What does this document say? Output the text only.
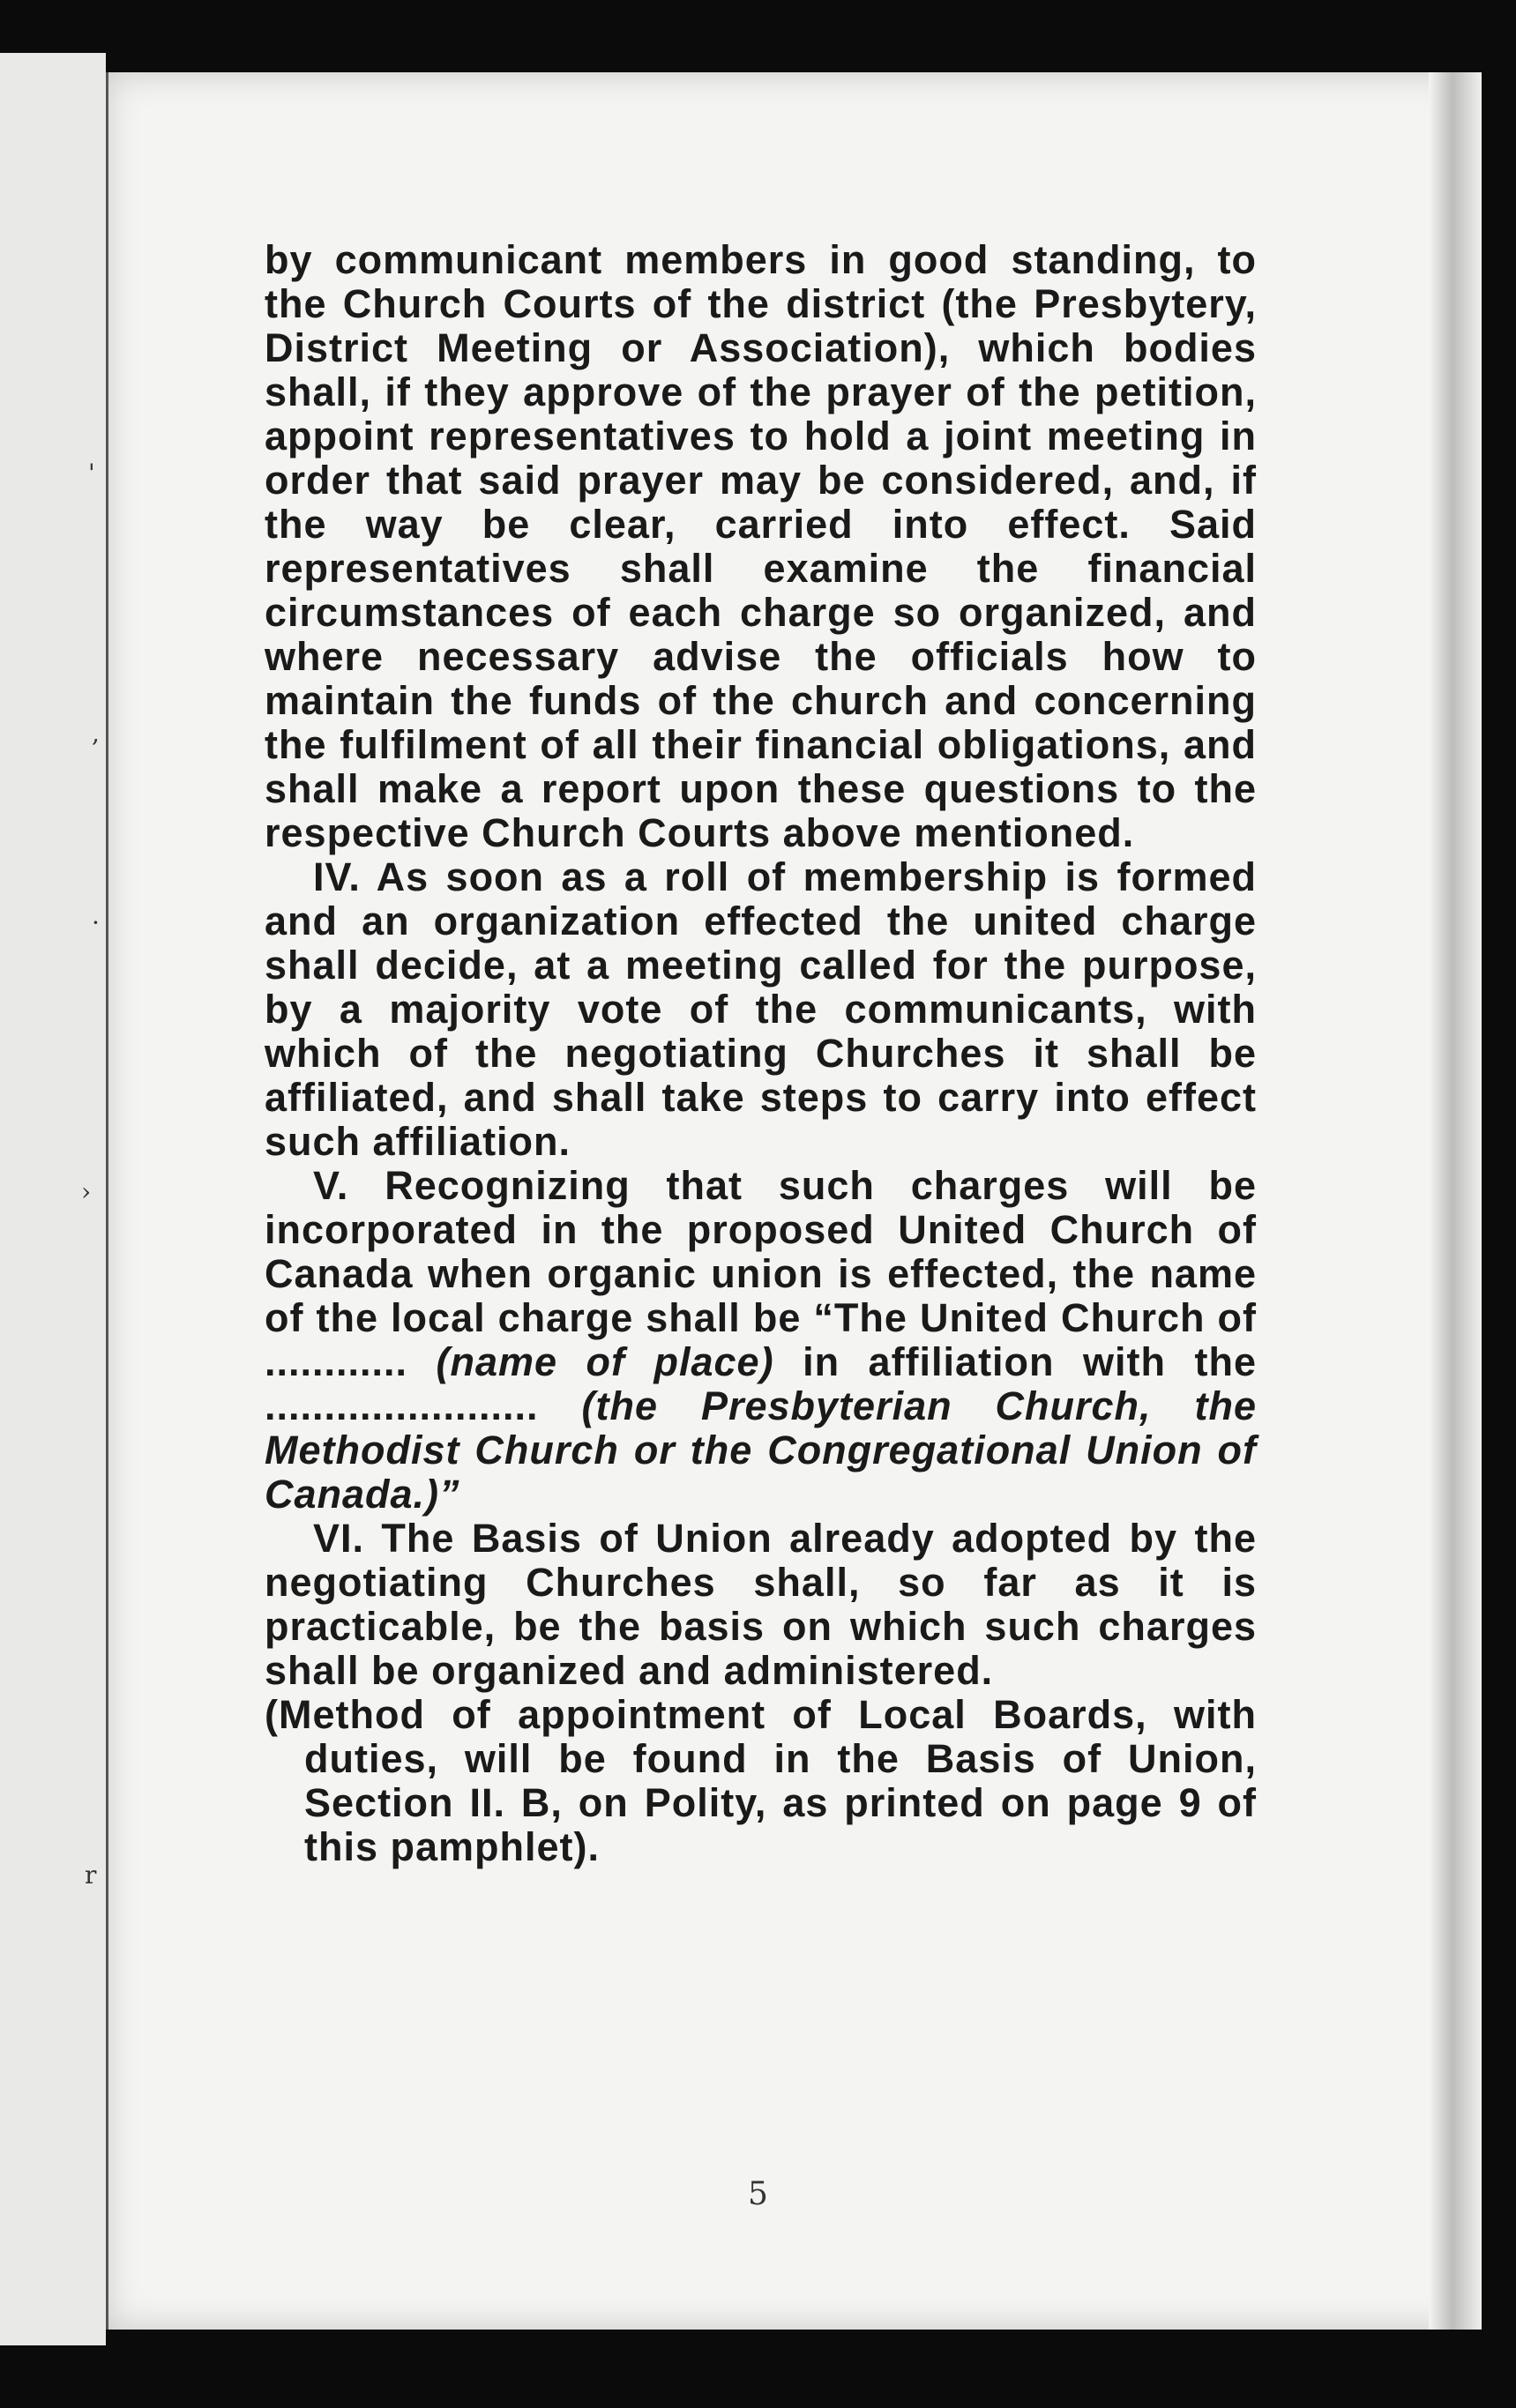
'
,
·
›
r

by communicant members in good standing, to the Church Courts of the district (the Presbytery, District Meeting or Association), which bodies shall, if they approve of the prayer of the petition, appoint representatives to hold a joint meeting in order that said prayer may be considered, and, if the way be clear, carried into effect. Said representatives shall examine the financial circumstances of each charge so organized, and where necessary advise the officials how to maintain the funds of the church and concerning the fulfilment of all their financial obligations, and shall make a report upon these questions to the respective Church Courts above mentioned.

IV. As soon as a roll of membership is formed and an organization effected the united charge shall decide, at a meeting called for the purpose, by a majority vote of the communicants, with which of the negotiating Churches it shall be affiliated, and shall take steps to carry into effect such affiliation.

V. Recognizing that such charges will be incorporated in the proposed United Church of Canada when organic union is effected, the name of the local charge shall be “The United Church of ............ (name of place) in affiliation with the ....................... (the Presbyterian Church, the Methodist Church or the Congregational Union of Canada.)”

VI. The Basis of Union already adopted by the negotiating Churches shall, so far as it is practicable, be the basis on which such charges shall be organized and administered.

(Method of appointment of Local Boards, with duties, will be found in the Basis of Union, Section II. B, on Polity, as printed on page 9 of this pamphlet).

5
